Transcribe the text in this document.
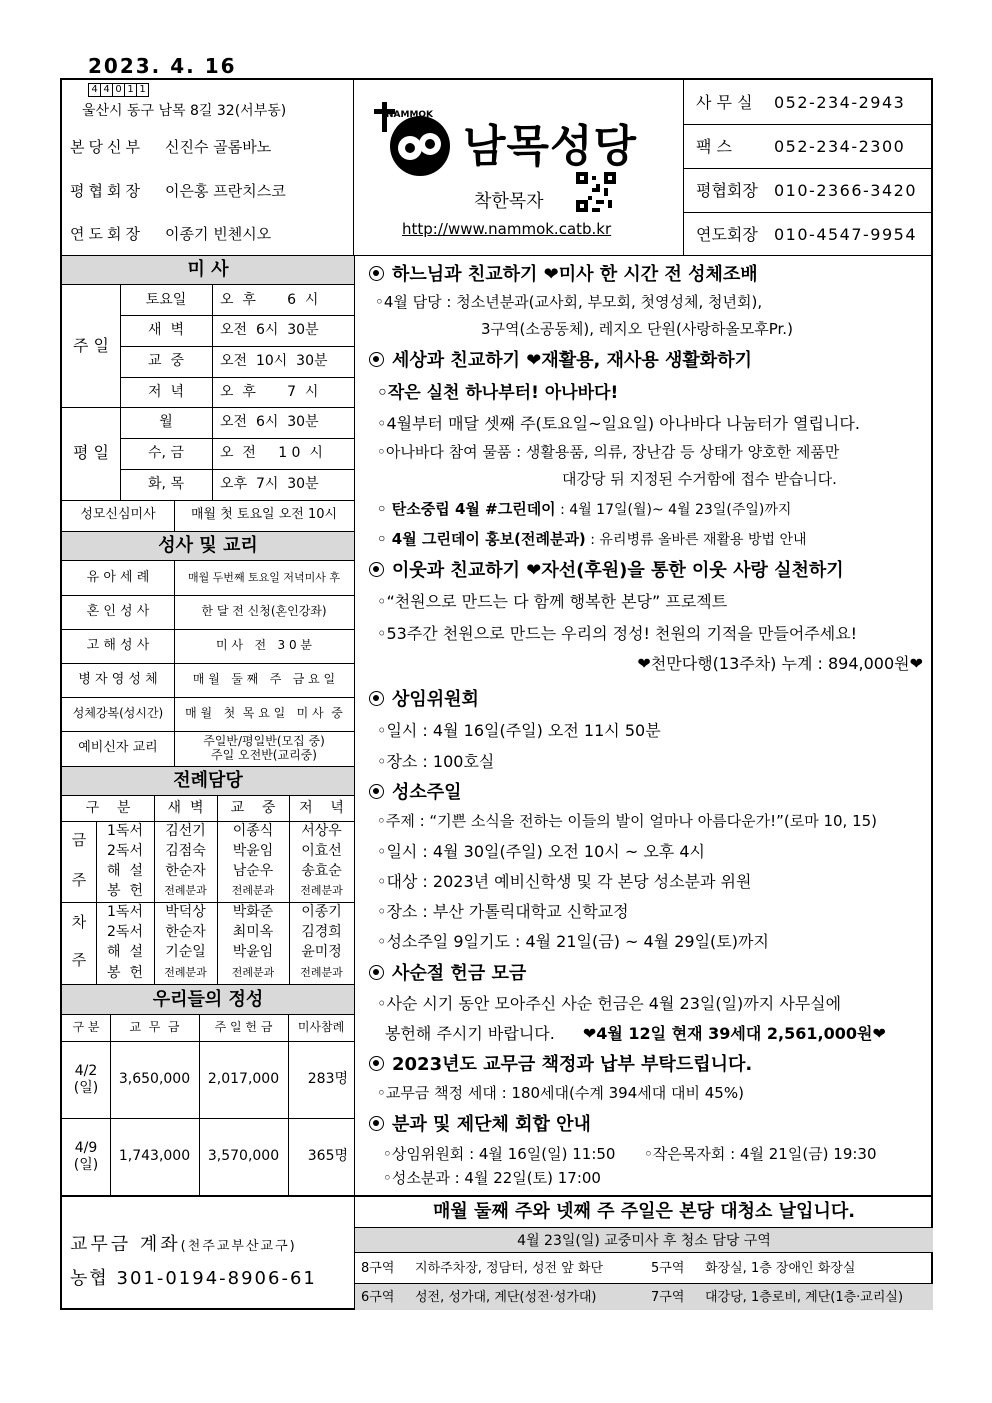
2023. 4. 16
4 4 0 1 1
울산시 동구 남목 8길 32(서부동)
본당신부 신진수 골롬바노
평협회장 이은홍 프란치스코
연도회장 이종기 빈첸시오
NAMMOK
남목성당
착한목자
http://www.nammok.catb.kr
사 무 실 052-234-2943
팩 스	052-234-2300
평협회장 010-2366-3420
연도회장 010-4547-9954
미 사
주 일
평 일
토요일	오  후       6  시
새  벽	오전  6시  30분
교  중	오전  10시  30분
저  녁	오  후       7  시
월	오전  6시  30분
수, 금	오  전     1 0  시
화, 목	오후  7시  30분
성모신심미사	매월 첫 토요일 오전 10시
성사 및 교리
유 아 세 례	매월 두번째 토요일 저녁미사 후
혼 인 성 사	한 달 전 신청(혼인강좌)
고 해 성 사	미 사   전   3 0 분
병 자 영 성 체	매 월   둘 째   주   금 요 일
성체강복(성시간)	매 월   첫  목 요 일   미 사  중
예비신자 교리	주일반/평일반(모집 중)
주일 오전반(교리중)
전례담당
구    분	새  벽	교    중	저    녁
금
주
차
주
1독서	김선기	이종식	서상우
2독서	김점숙	박윤임	이효선
해  설	한순자	남순우	송효순
봉  헌	전례분과	전례분과	전례분과
1독서	박덕상	박화준	이종기
2독서	한순자	최미옥	김경희
해  설	기순일	박윤임	윤미정
봉  헌	전례분과	전례분과	전례분과
우리들의 정성
구 분	교  무  금	주 일 헌 금	미사참례
4/2
(일)
3,650,000	2,017,000	283명
4/9
(일)
1,743,000	3,570,000	365명
하느님과 친교하기 ❤미사 한 시간 전 성체조배
◦4월 담당 : 청소년분과(교사회, 부모회, 첫영성체, 청년회),
3구역(소공동체), 레지오 단원(사랑하올모후Pr.)
세상과 친교하기 ❤재활용, 재사용 생활화하기
◦작은 실천 하나부터! 아나바다!
◦4월부터 매달 셋째 주(토요일~일요일) 아나바다 나눔터가 열립니다.
◦아나바다 참여 물품 : 생활용품, 의류, 장난감 등 상태가 양호한 제품만
대강당 뒤 지정된 수거함에 접수 받습니다.
◦ 탄소중립 4월 #그린데이 : 4월 17일(월)~ 4월 23일(주일)까지
◦ 4월 그린데이 홍보(전례분과) : 유리병류 올바른 재활용 방법 안내
이웃과 친교하기 ❤자선(후원)을 통한 이웃 사랑 실천하기
◦“천원으로 만드는 다 함께 행복한 본당” 프로젝트
◦53주간 천원으로 만드는 우리의 정성! 천원의 기적을 만들어주세요!
❤천만다행(13주차) 누계 : 894,000원❤
상임위원회
◦일시 : 4월 16일(주일) 오전 11시 50분
◦장소 : 100호실
성소주일
◦주제 : “기쁜 소식을 전하는 이들의 발이 얼마나 아름다운가!”(로마 10, 15)
◦일시 : 4월 30일(주일) 오전 10시 ~ 오후 4시
◦대상 : 2023년 예비신학생 및 각 본당 성소분과 위원
◦장소 : 부산 가톨릭대학교 신학교정
◦성소주일 9일기도 : 4월 21일(금) ~ 4월 29일(토)까지
사순절 헌금 모금
◦사순 시기 동안 모아주신 사순 헌금은 4월 23일(일)까지 사무실에
봉헌해 주시기 바랍니다. ❤4월 12일 현재 39세대 2,561,000원❤
2023년도 교무금 책정과 납부 부탁드립니다.
◦교무금 책정 세대 : 180세대(수계 394세대 대비 45%)
분과 및 제단체 회합 안내
◦상임위원회 : 4월 16일(일) 11:50      ◦작은목자회 : 4월 21일(금) 19:30
◦성소분과 : 4월 22일(토) 17:00
교무금 계좌(천주교부산교구)
농협 301-0194-8906-61
매월 둘째 주와 넷째 주 주일은 본당 대청소 날입니다.
4월 23일(일) 교중미사 후 청소 담당 구역
8구역 지하주차장, 정담터, 성전 앞 화단	5구역 화장실, 1층 장애인 화장실
6구역 성전, 성가대, 계단(성전·성가대)	7구역 대강당, 1층로비, 계단(1층·교리실)
